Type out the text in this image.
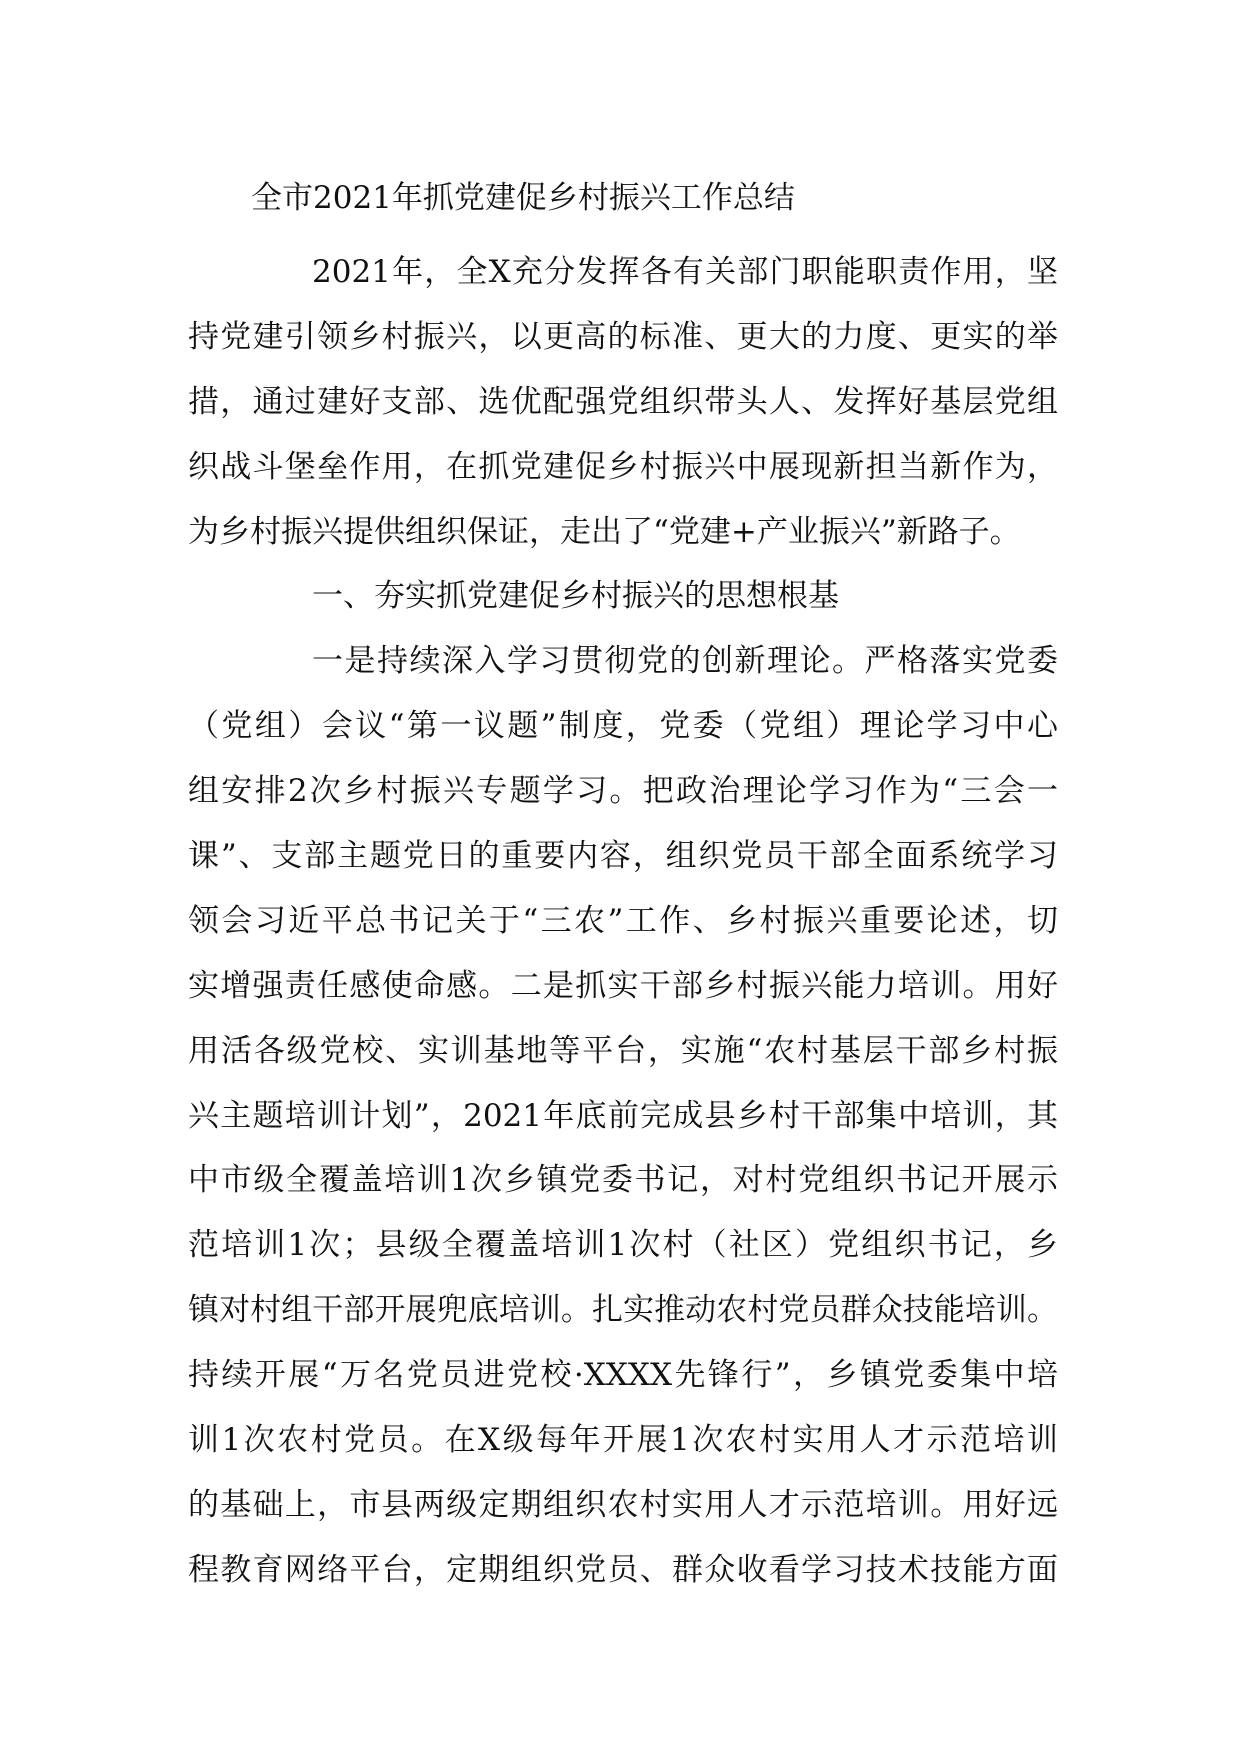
全市2021年抓党建促乡村振兴工作总结
2021年，全X充分发挥各有关部门职能职责作用，坚
持党建引领乡村振兴，以更高的标准、更大的力度、更实的举
措，通过建好支部、选优配强党组织带头人、发挥好基层党组
织战斗堡垒作用，在抓党建促乡村振兴中展现新担当新作为，
为乡村振兴提供组织保证，走出了“党建+产业振兴”新路子。
一、夯实抓党建促乡村振兴的思想根基
一是持续深入学习贯彻党的创新理论。严格落实党委
（党组）会议“第一议题”制度，党委（党组）理论学习中心
组安排2次乡村振兴专题学习。把政治理论学习作为“三会一
课”、支部主题党日的重要内容，组织党员干部全面系统学习
领会习近平总书记关于“三农”工作、乡村振兴重要论述，切
实增强责任感使命感。二是抓实干部乡村振兴能力培训。用好
用活各级党校、实训基地等平台，实施“农村基层干部乡村振
兴主题培训计划”，2021年底前完成县乡村干部集中培训，其
中市级全覆盖培训1次乡镇党委书记，对村党组织书记开展示
范培训1次；县级全覆盖培训1次村（社区）党组织书记，乡
镇对村组干部开展兜底培训。扎实推动农村党员群众技能培训。
持续开展“万名党员进党校·XXXX先锋行”，乡镇党委集中培
训1次农村党员。在X级每年开展1次农村实用人才示范培训
的基础上，市县两级定期组织农村实用人才示范培训。用好远
程教育网络平台，定期组织党员、群众收看学习技术技能方面
